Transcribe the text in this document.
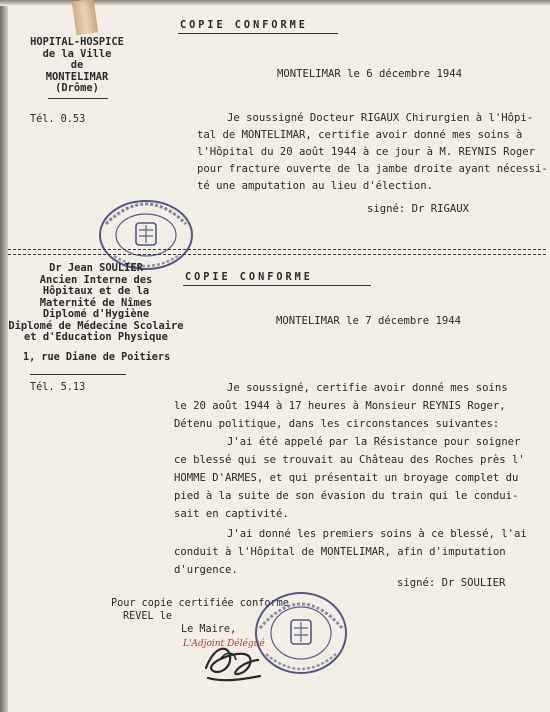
COPIE CONFORME
HOPITAL-HOSPICE
de la Ville
de
MONTELIMAR
(Drôme)
Tél. 0.53
MONTELIMAR le 6 décembre 1944
Je soussigné Docteur RIGAUX Chirurgien à l'Hôpi-
tal de MONTELIMAR, certifie avoir donné mes soins à
l'Hôpital du 20 août 1944 à ce jour à M. REYNIS Roger
pour fracture ouverte de la jambe droite ayant nécessi-
té une amputation au lieu d'élection.
signé: Dr RIGAUX
COPIE CONFORME
Dr Jean SOULIER
Ancien Interne des
Hôpitaux et de la
Maternité de Nîmes
Diplomé d'Hygiène
Diplomé de Médecine Scolaire
et d'Education Physique
1, rue Diane de Poitiers
Tél. 5.13
MONTELIMAR le 7 décembre 1944
Je soussigné, certifie avoir donné mes soins
le 20 août 1944 à 17 heures à Monsieur REYNIS Roger,
Détenu politique, dans les circonstances suivantes:
J'ai été appelé par la Résistance pour soigner
ce blessé qui se trouvait au Château des Roches près l'
HOMME D'ARMES, et qui présentait un broyage complet du
pied à la suite de son évasion du train qui le condui-
sait en captivité.
J'ai donné les premiers soins à ce blessé, l'ai
conduit à l'Hôpital de MONTELIMAR, afin d'imputation
d'urgence.
signé: Dr SOULIER
Pour copie certifiée conforme
REVEL le
Le Maire,
L'Adjoint Délégué
